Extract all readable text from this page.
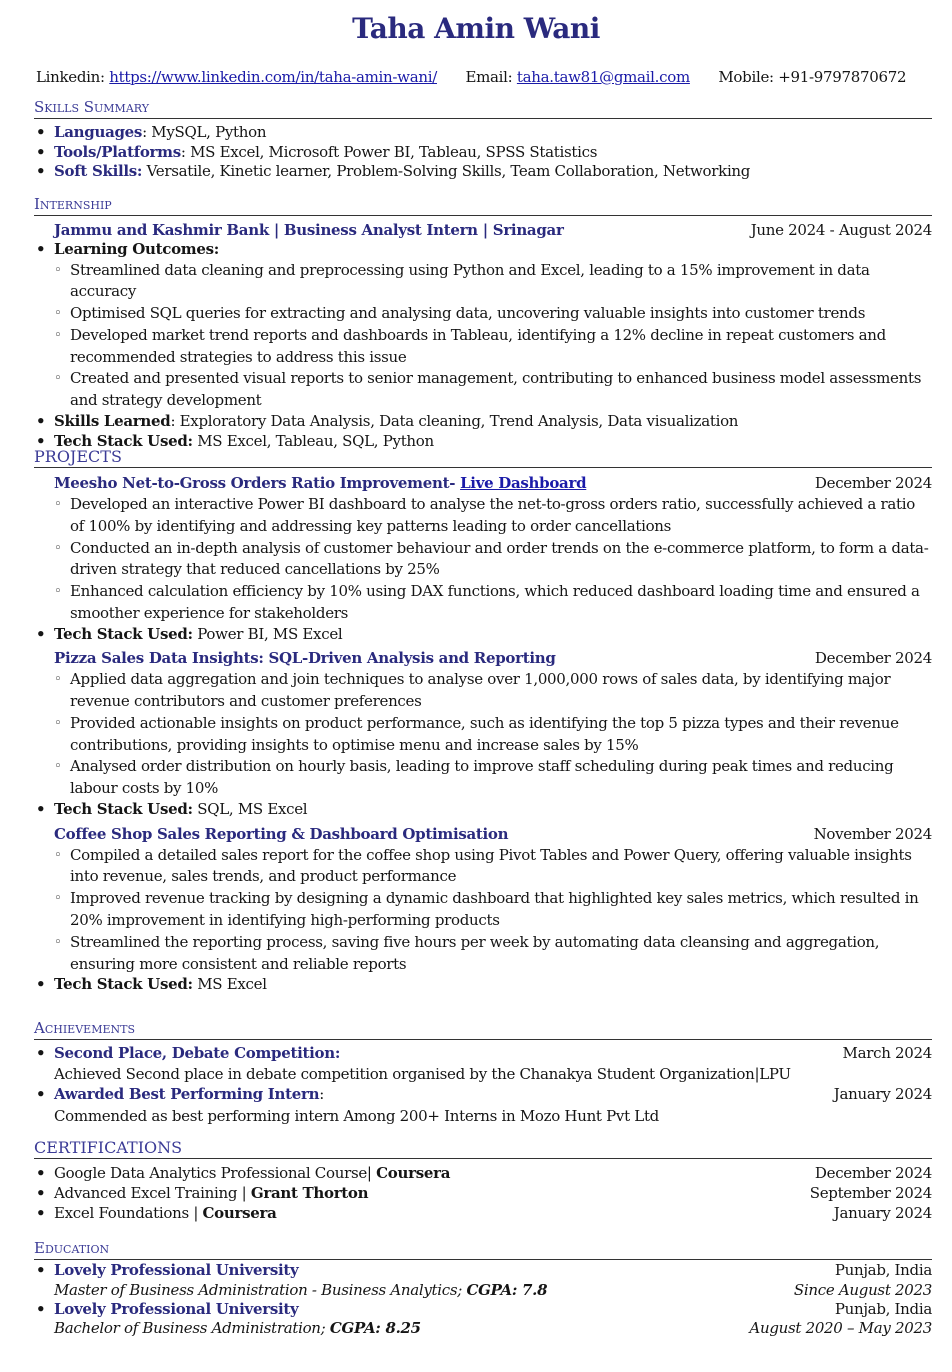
Taha Amin Wani
Linkedin: https://www.linkedin.com/in/taha-amin-wani/ Email: taha.taw81@gmail.com Mobile: +91-9797870672
Skills Summary
• Languages: MySQL, Python
• Tools/Platforms: MS Excel, Microsoft Power BI, Tableau, SPSS Statistics
• Soft Skills: Versatile, Kinetic learner, Problem-Solving Skills, Team Collaboration, Networking
Internship
Jammu and Kashmir Bank | Business Analyst Intern | Srinagar	June 2024 - August 2024
• Learning Outcomes:
◦ Streamlined data cleaning and preprocessing using Python and Excel, leading to a 15% improvement in data accuracy
◦ Optimised SQL queries for extracting and analysing data, uncovering valuable insights into customer trends
◦ Developed market trend reports and dashboards in Tableau, identifying a 12% decline in repeat customers and recommended strategies to address this issue
◦ Created and presented visual reports to senior management, contributing to enhanced business model assessments and strategy development
• Skills Learned: Exploratory Data Analysis, Data cleaning, Trend Analysis, Data visualization
• Tech Stack Used: MS Excel, Tableau, SQL, Python
PROJECTS
Meesho Net-to-Gross Orders Ratio Improvement- Live Dashboard	December 2024
◦ Developed an interactive Power BI dashboard to analyse the net-to-gross orders ratio, successfully achieved a ratio of 100% by identifying and addressing key patterns leading to order cancellations
◦ Conducted an in-depth analysis of customer behaviour and order trends on the e-commerce platform, to form a data-driven strategy that reduced cancellations by 25%
◦ Enhanced calculation efficiency by 10% using DAX functions, which reduced dashboard loading time and ensured a smoother experience for stakeholders
• Tech Stack Used: Power BI, MS Excel
Pizza Sales Data Insights: SQL-Driven Analysis and Reporting	December 2024
◦ Applied data aggregation and join techniques to analyse over 1,000,000 rows of sales data, by identifying major revenue contributors and customer preferences
◦ Provided actionable insights on product performance, such as identifying the top 5 pizza types and their revenue contributions, providing insights to optimise menu and increase sales by 15%
◦ Analysed order distribution on hourly basis, leading to improve staff scheduling during peak times and reducing labour costs by 10%
• Tech Stack Used: SQL, MS Excel
Coffee Shop Sales Reporting & Dashboard Optimisation	November 2024
◦ Compiled a detailed sales report for the coffee shop using Pivot Tables and Power Query, offering valuable insights into revenue, sales trends, and product performance
◦ Improved revenue tracking by designing a dynamic dashboard that highlighted key sales metrics, which resulted in 20% improvement in identifying high-performing products
◦ Streamlined the reporting process, saving five hours per week by automating data cleansing and aggregation, ensuring more consistent and reliable reports
• Tech Stack Used: MS Excel
Achievements
• Second Place, Debate Competition:	March 2024
Achieved Second place in debate competition organised by the Chanakya Student Organization|LPU
• Awarded Best Performing Intern:	January 2024
Commended as best performing intern Among 200+ Interns in Mozo Hunt Pvt Ltd
CERTIFICATIONS
• Google Data Analytics Professional Course| Coursera	December 2024
• Advanced Excel Training | Grant Thorton	September 2024
• Excel Foundations | Coursera	January 2024
Education
• Lovely Professional University	Punjab, India
Master of Business Administration - Business Analytics; CGPA: 7.8	Since August 2023
• Lovely Professional University	Punjab, India
Bachelor of Business Administration; CGPA: 8.25	August 2020 – May 2023
